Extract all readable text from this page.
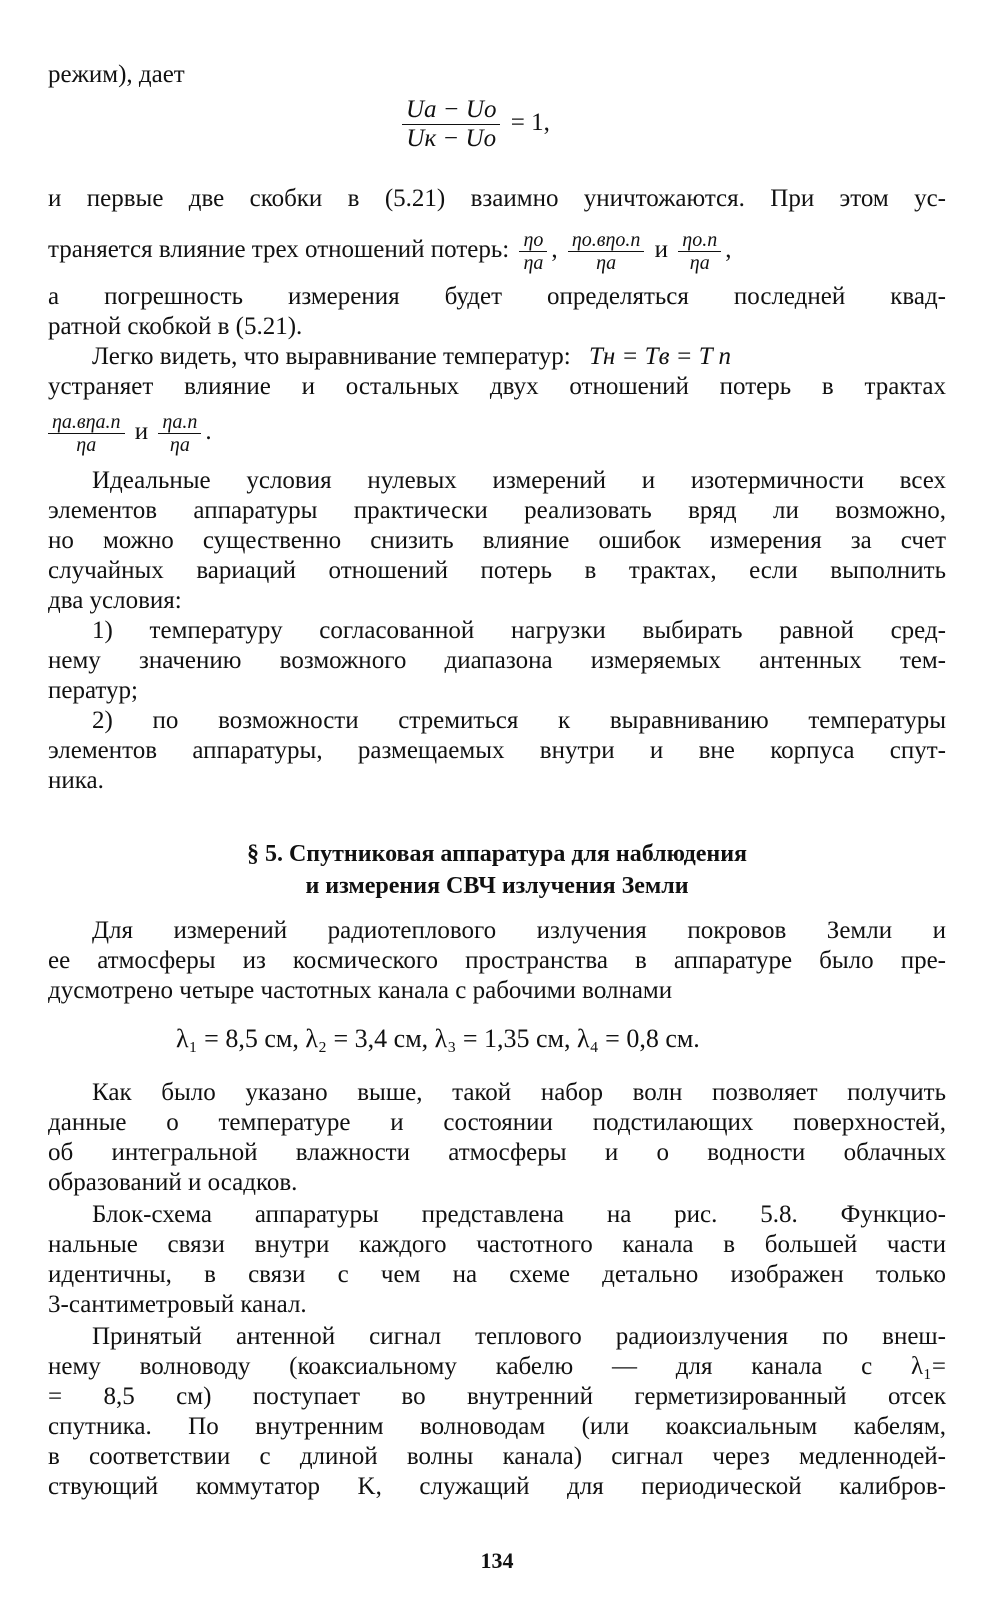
режим), дает
$\frac{Uа - Uо}{Uк - Uо} = 1$,
и первые две скобки в (5.21) взаимно уничтожаются. При этом ус-
траняется влияние трех отношений потерь: $\frac{\eta о}{\eta а}$ , $\frac{\text{ηо.вηо.п}}{\eta а}$ и $\frac{\eta о.п}{\eta а}$ ,
а погрешность измерения будет определяться последней квад-
ратной скобкой в (5.21).
Легко видеть, что выравнивание температур: Tн = Tв = T п
устраняет влияние и остальных двух отношений потерь в трактах
$\frac{\text{ηа.вηа.п}}{\eta а}$ и $\frac{\eta а.п}{\eta а}$ .
Идеальные условия нулевых измерений и изотермичности всех
элементов аппаратуры практически реализовать вряд ли возможно,
но можно существенно снизить влияние ошибок измерения за счет
случайных вариаций отношений потерь в трактах, если выполнить
два условия:
1) температуру согласованной нагрузки выбирать равной сред-
нему значению возможного диапазона измеряемых антенных тем-
ператур;
2) по возможности стремиться к выравниванию температуры
элементов аппаратуры, размещаемых внутри и вне корпуса спут-
ника.
§ 5. Спутниковая аппаратура для наблюдения
и измерения СВЧ излучения Земли
Для измерений радиотеплового излучения покровов Земли и
ее атмосферы из космического пространства в аппаратуре было пре-
дусмотрено четыре частотных канала с рабочими волнами
λ₁ = 8,5 см, λ₂ = 3,4 см, λ₃ = 1,35 см, λ₄ = 0,8 см.
Как было указано выше, такой набор волн позволяет получить
данные о температуре и состоянии подстилающих поверхностей,
об интегральной влажности атмосферы и о водности облачных
образований и осадков.
Блок-схема аппаратуры представлена на рис. 5.8. Функцио-
нальные связи внутри каждого частотного канала в большей части
идентичны, в связи с чем на схеме детально изображен только
3-сантиметровый канал.
Принятый антенной сигнал теплового радиоизлучения по внеш-
нему волноводу (коаксиальному кабелю — для канала с λ₁=
= 8,5 см) поступает во внутренний герметизированный отсек
спутника. По внутренним волноводам (или коаксиальным кабелям,
в соответствии с длиной волны канала) сигнал через медленнодей-
ствующий коммутатор K, служащий для периодической калибров-
134
